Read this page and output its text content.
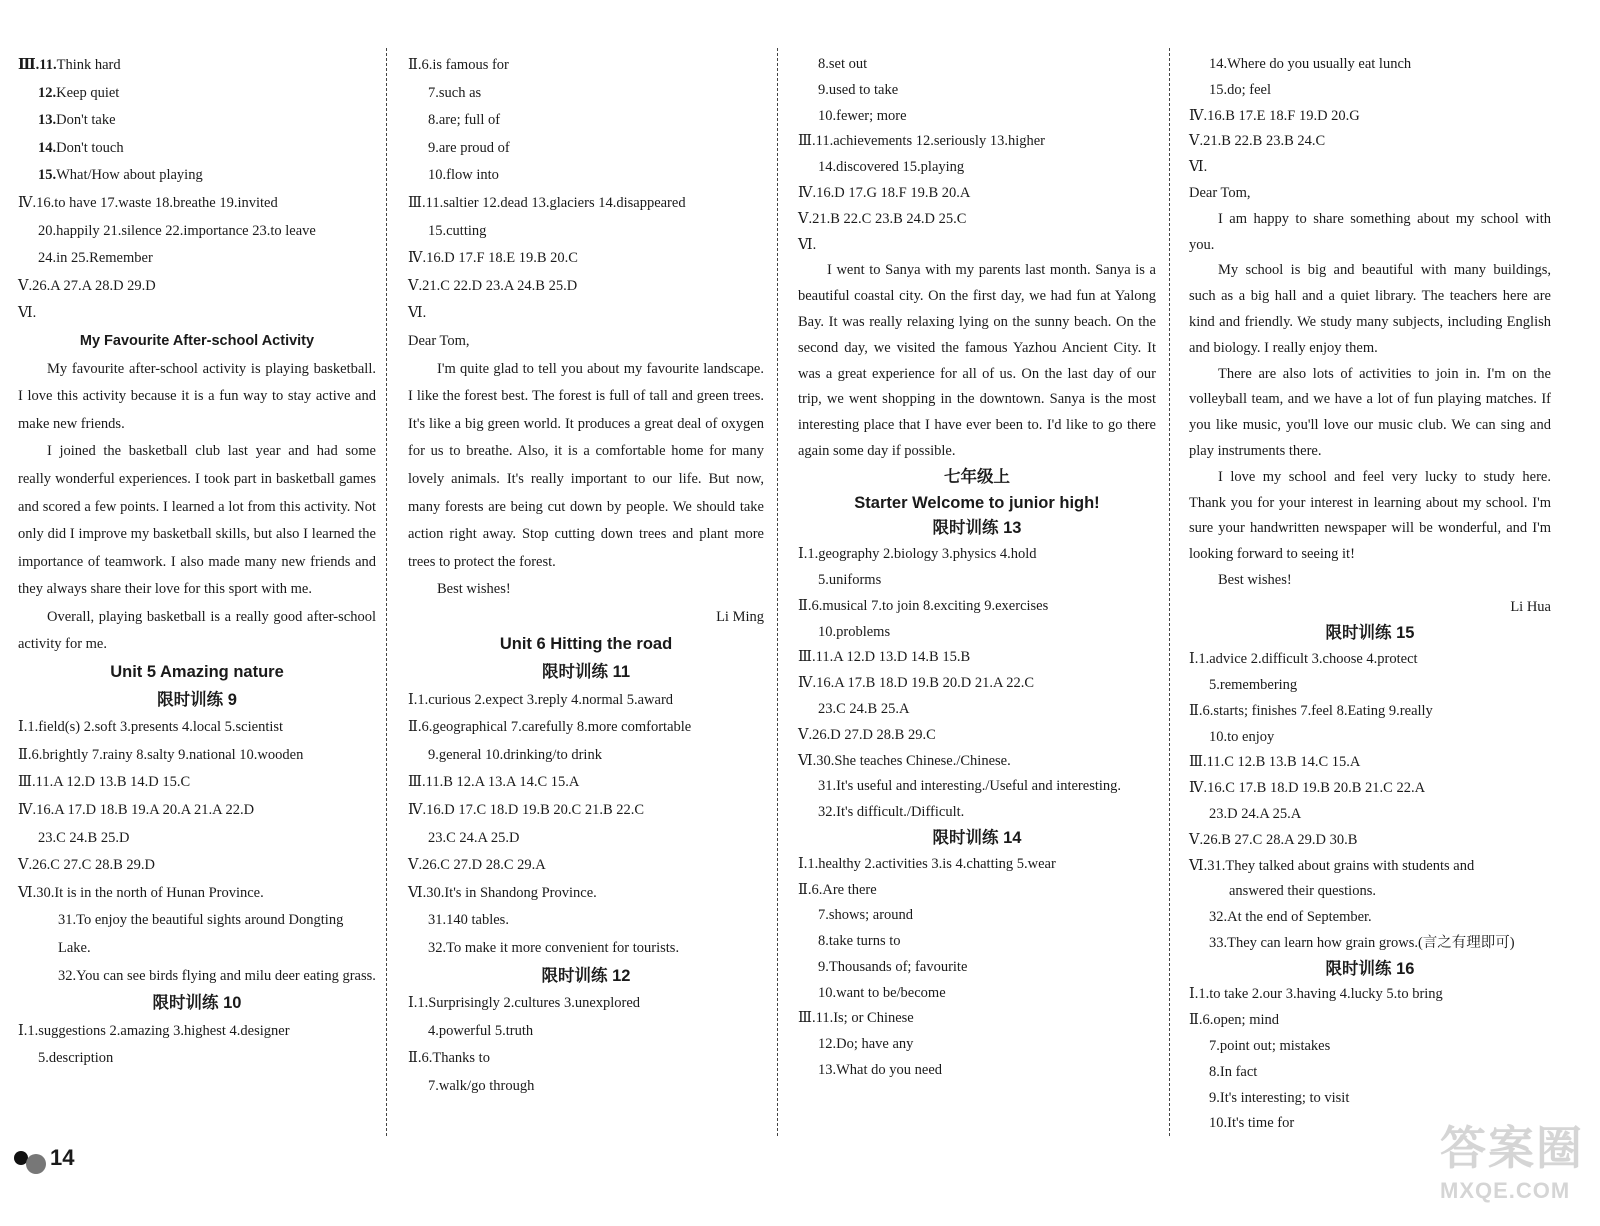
Ⅲ.11.Think hard
12.Keep quiet
13.Don't take
14.Don't touch
15.What/How about playing
Ⅳ.16.to have 17.waste 18.breathe 19.invited
20.happily 21.silence 22.importance 23.to leave
24.in 25.Remember
Ⅴ.26.A 27.A 28.D 29.D
Ⅵ.
My Favourite After-school Activity

My favourite after-school activity is playing basketball. I love this activity because it is a fun way to stay active and make new friends.

I joined the basketball club last year and had some really wonderful experiences. I took part in basketball games and scored a few points. I learned a lot from this activity. Not only did I improve my basketball skills, but also I learned the importance of teamwork. I also made many new friends and they always share their love for this sport with me.

Overall, playing basketball is a really good after-school activity for me.

Unit 5 Amazing nature
限时训练 9
Ⅰ.1.field(s) 2.soft 3.presents 4.local 5.scientist
Ⅱ.6.brightly 7.rainy 8.salty 9.national 10.wooden
Ⅲ.11.A 12.D 13.B 14.D 15.C
Ⅳ.16.A 17.D 18.B 19.A 20.A 21.A 22.D
23.C 24.B 25.D
Ⅴ.26.C 27.C 28.B 29.D
Ⅵ.30.It is in the north of Hunan Province.
31.To enjoy the beautiful sights around Dongting Lake.
32.You can see birds flying and milu deer eating grass.
限时训练 10
Ⅰ.1.suggestions 2.amazing 3.highest 4.designer
5.description
Ⅱ.6.is famous for
7.such as
8.are; full of
9.are proud of
10.flow into
Ⅲ.11.saltier 12.dead 13.glaciers 14.disappeared
15.cutting
Ⅳ.16.D 17.F 18.E 19.B 20.C
Ⅴ.21.C 22.D 23.A 24.B 25.D
Ⅵ.
Dear Tom,

I'm quite glad to tell you about my favourite landscape. I like the forest best. The forest is full of tall and green trees. It's like a big green world. It produces a great deal of oxygen for us to breathe. Also, it is a comfortable home for many lovely animals. It's really important to our life. But now, many forests are being cut down by people. We should take action right away. Stop cutting down trees and plant more trees to protect the forest.

Best wishes!

Li Ming
Unit 6 Hitting the road
限时训练 11
Ⅰ.1.curious 2.expect 3.reply 4.normal 5.award
Ⅱ.6.geographical 7.carefully 8.more comfortable
9.general 10.drinking/to drink
Ⅲ.11.B 12.A 13.A 14.C 15.A
Ⅳ.16.D 17.C 18.D 19.B 20.C 21.B 22.C
23.C 24.A 25.D
Ⅴ.26.C 27.D 28.C 29.A
Ⅵ.30.It's in Shandong Province.
31.140 tables.
32.To make it more convenient for tourists.
限时训练 12
Ⅰ.1.Surprisingly 2.cultures 3.unexplored
4.powerful 5.truth
Ⅱ.6.Thanks to
7.walk/go through
8.set out
9.used to take
10.fewer; more
Ⅲ.11.achievements 12.seriously 13.higher
14.discovered 15.playing
Ⅳ.16.D 17.G 18.F 19.B 20.A
Ⅴ.21.B 22.C 23.B 24.D 25.C
Ⅵ.

I went to Sanya with my parents last month. Sanya is a beautiful coastal city. On the first day, we had fun at Yalong Bay. It was really relaxing lying on the sunny beach. On the second day, we visited the famous Yazhou Ancient City. It was a great experience for all of us. On the last day of our trip, we went shopping in the downtown. Sanya is the most interesting place that I have ever been to. I'd like to go there again some day if possible.

七年级上
Starter Welcome to junior high!
限时训练 13
Ⅰ.1.geography 2.biology 3.physics 4.hold
5.uniforms
Ⅱ.6.musical 7.to join 8.exciting 9.exercises
10.problems
Ⅲ.11.A 12.D 13.D 14.B 15.B
Ⅳ.16.A 17.B 18.D 19.B 20.D 21.A 22.C
23.C 24.B 25.A
Ⅴ.26.D 27.D 28.B 29.C
Ⅵ.30.She teaches Chinese./Chinese.
31.It's useful and interesting./Useful and interesting.
32.It's difficult./Difficult.
限时训练 14
Ⅰ.1.healthy 2.activities 3.is 4.chatting 5.wear
Ⅱ.6.Are there
7.shows; around
8.take turns to
9.Thousands of; favourite
10.want to be/become
Ⅲ.11.Is; or Chinese
12.Do; have any
13.What do you need
14.Where do you usually eat lunch
15.do; feel
Ⅳ.16.B 17.E 18.F 19.D 20.G
Ⅴ.21.B 22.B 23.B 24.C
Ⅵ.
Dear Tom,

I am happy to share something about my school with you.

My school is big and beautiful with many buildings, such as a big hall and a quiet library. The teachers here are kind and friendly. We study many subjects, including English and biology. I really enjoy them.

There are also lots of activities to join in. I'm on the volleyball team, and we have a lot of fun playing matches. If you like music, you'll love our music club. We can sing and play instruments there.

I love my school and feel very lucky to study here. Thank you for your interest in learning about my school. I'm sure your handwritten newspaper will be wonderful, and I'm looking forward to seeing it!

Best wishes!

Li Hua
限时训练 15
Ⅰ.1.advice 2.difficult 3.choose 4.protect
5.remembering
Ⅱ.6.starts; finishes 7.feel 8.Eating 9.really
10.to enjoy
Ⅲ.11.C 12.B 13.B 14.C 15.A
Ⅳ.16.C 17.B 18.D 19.B 20.B 21.C 22.A
23.D 24.A 25.A
Ⅴ.26.B 27.C 28.A 29.D 30.B
Ⅵ.31.They talked about grains with students and
answered their questions.
32.At the end of September.
33.They can learn how grain grows.(言之有理即可)
限时训练 16
Ⅰ.1.to take 2.our 3.having 4.lucky 5.to bring
Ⅱ.6.open; mind
7.point out; mistakes
8.In fact
9.It's interesting; to visit
10.It's time for
14	答案圈
MXQE.COM
